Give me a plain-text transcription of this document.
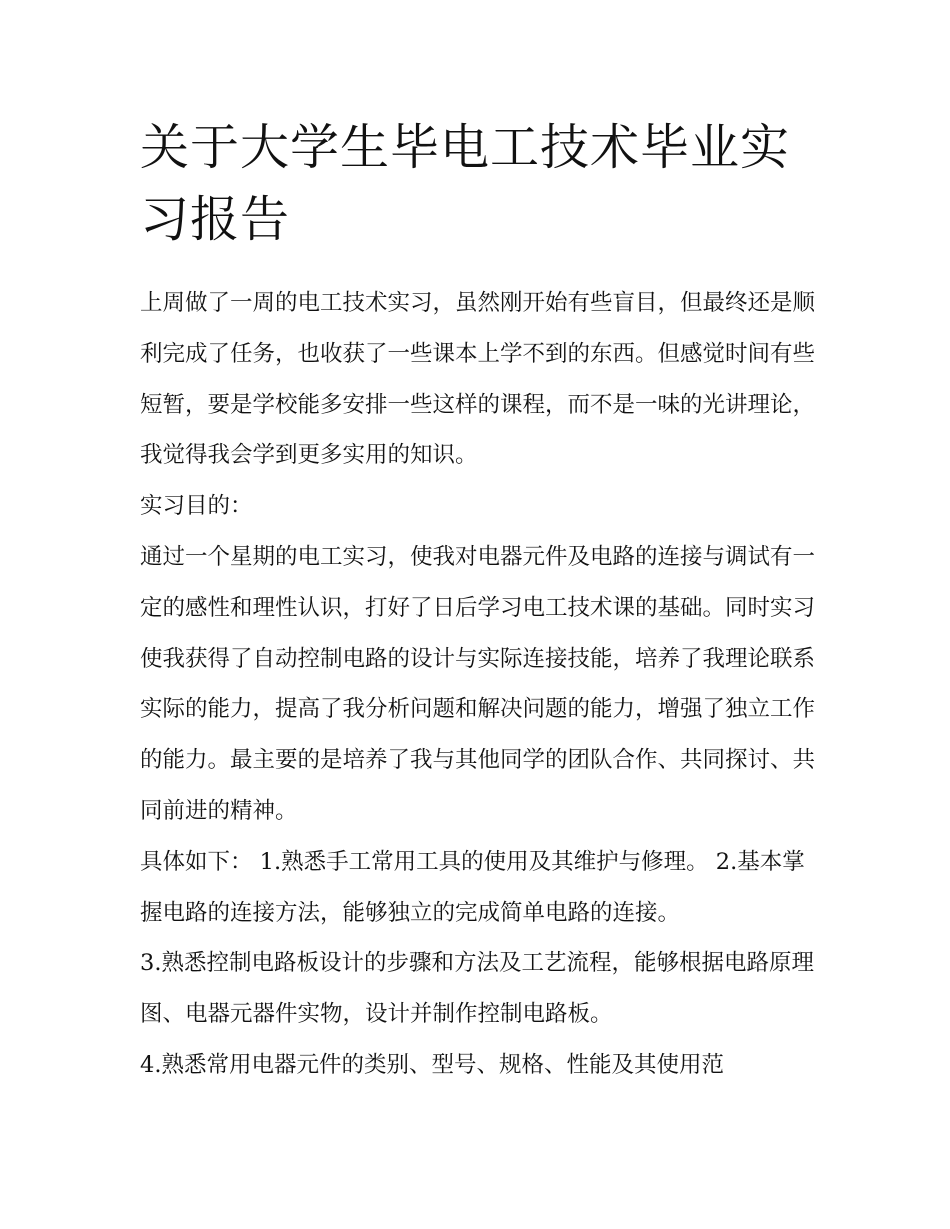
关于大学生毕电工技术毕业实习报告

上周做了一周的电工技术实习，虽然刚开始有些盲目，但最终还是顺利完成了任务，也收获了一些课本上学不到的东西。但感觉时间有些短暂，要是学校能多安排一些这样的课程，而不是一味的光讲理论，我觉得我会学到更多实用的知识。

实习目的：

通过一个星期的电工实习，使我对电器元件及电路的连接与调试有一定的感性和理性认识，打好了日后学习电工技术课的基础。同时实习使我获得了自动控制电路的设计与实际连接技能，培养了我理论联系实际的能力，提高了我分析问题和解决问题的能力，增强了独立工作的能力。最主要的是培养了我与其他同学的团队合作、共同探讨、共同前进的精神。

具体如下： 1.熟悉手工常用工具的使用及其维护与修理。 2.基本掌握电路的连接方法，能够独立的完成简单电路的连接。

3.熟悉控制电路板设计的步骤和方法及工艺流程，能够根据电路原理图、电器元器件实物，设计并制作控制电路板。

4.熟悉常用电器元件的类别、型号、规格、性能及其使用范
